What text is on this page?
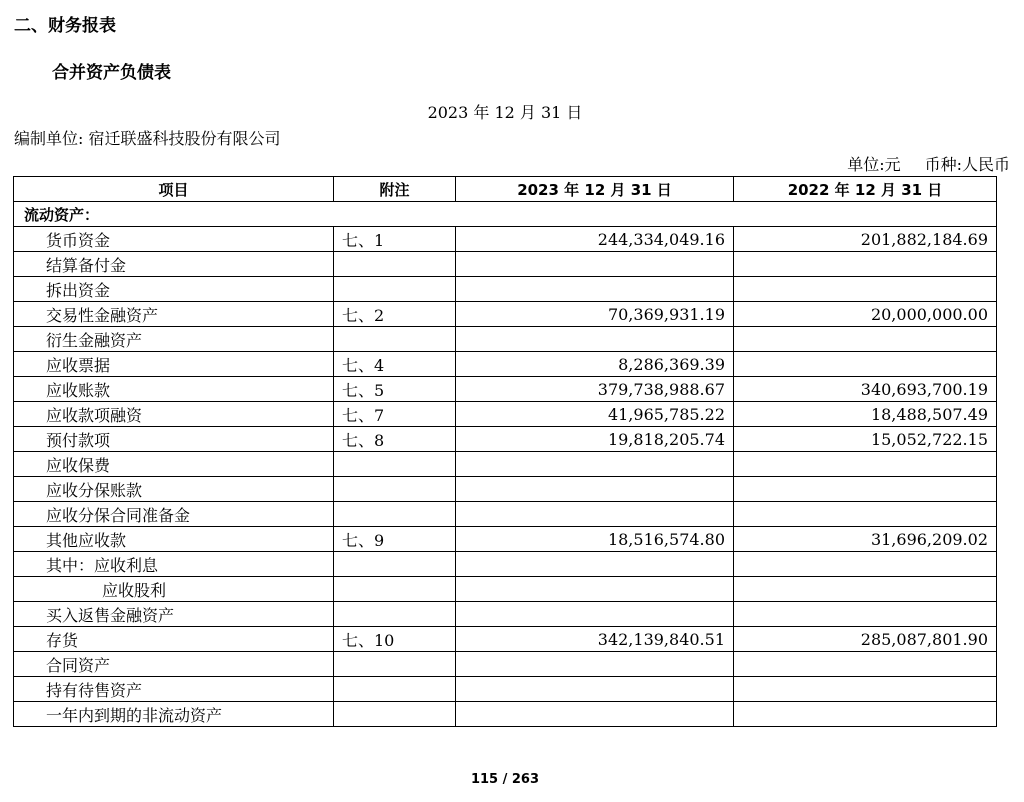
二、财务报表
合并资产负债表
2023 年 12 月 31 日
编制单位: 宿迁联盛科技股份有限公司
单位:元 币种:人民币
项目	附注	2023 年 12 月 31 日	2022 年 12 月 31 日
流动资产：			
货币资金	七、1	244,334,049.16	201,882,184.69
结算备付金			
拆出资金			
交易性金融资产	七、2	70,369,931.19	20,000,000.00
衍生金融资产			
应收票据	七、4	8,286,369.39	
应收账款	七、5	379,738,988.67	340,693,700.19
应收款项融资	七、7	41,965,785.22	18,488,507.49
预付款项	七、8	19,818,205.74	15,052,722.15
应收保费			
应收分保账款			
应收分保合同准备金			
其他应收款	七、9	18,516,574.80	31,696,209.02
其中：应收利息			
应收股利			
买入返售金融资产			
存货	七、10	342,139,840.51	285,087,801.90
合同资产			
持有待售资产			
一年内到期的非流动资产			
115 / 263
